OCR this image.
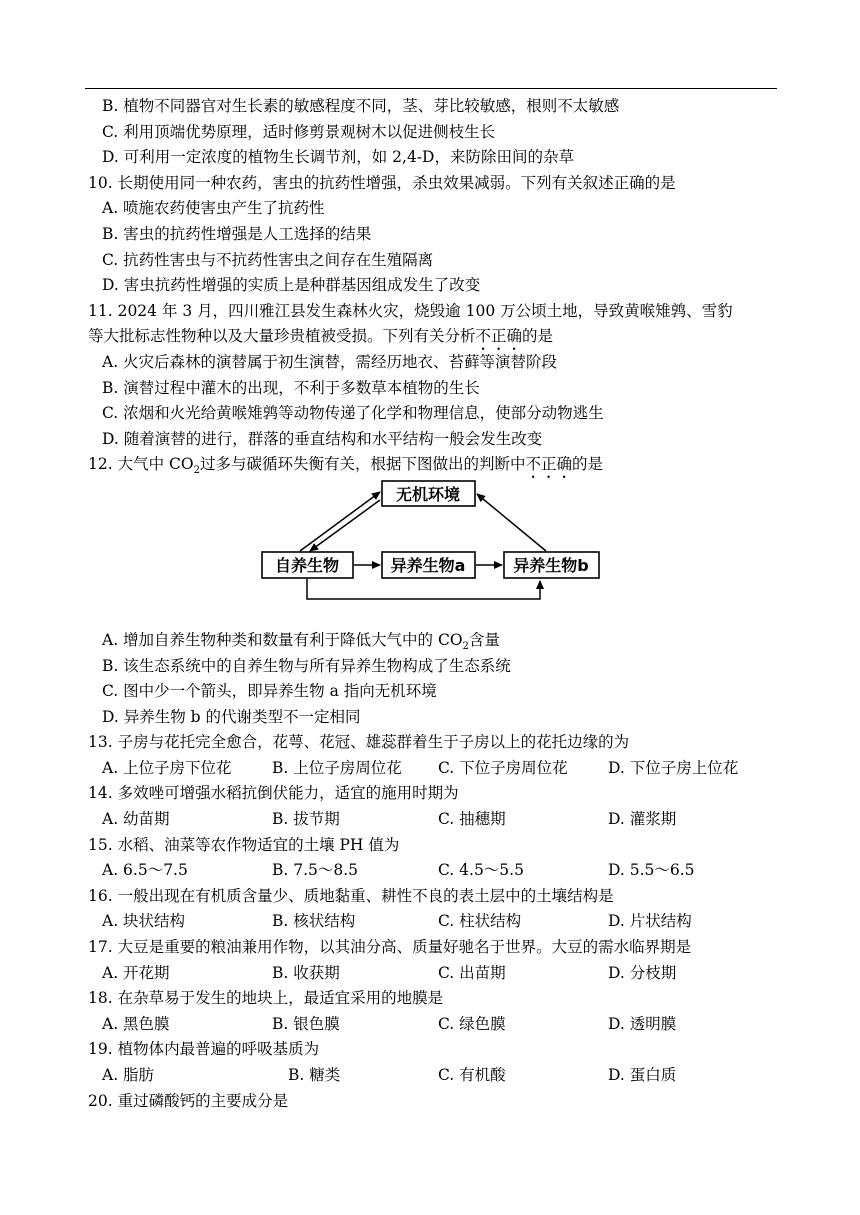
B. 植物不同器官对生长素的敏感程度不同，茎、芽比较敏感，根则不太敏感
C. 利用顶端优势原理，适时修剪景观树木以促进侧枝生长
D. 可利用一定浓度的植物生长调节剂，如 2,4-D，来防除田间的杂草
10. 长期使用同一种农药，害虫的抗药性增强，杀虫效果减弱。下列有关叙述正确的是
A. 喷施农药使害虫产生了抗药性
B. 害虫的抗药性增强是人工选择的结果
C. 抗药性害虫与不抗药性害虫之间存在生殖隔离
D. 害虫抗药性增强的实质上是种群基因组成发生了改变
11. 2024 年 3 月，四川雅江县发生森林火灾，烧毁逾 100 万公顷土地，导致黄喉雉鹑、雪豹
等大批标志性物种以及大量珍贵植被受损。下列有关分析不正确的是
A. 火灾后森林的演替属于初生演替，需经历地衣、苔藓等演替阶段
B. 演替过程中灌木的出现，不利于多数草本植物的生长
C. 浓烟和火光给黄喉雉鹑等动物传递了化学和物理信息，使部分动物逃生
D. 随着演替的进行，群落的垂直结构和水平结构一般会发生改变
12. 大气中 $CO_2$过多与碳循环失衡有关，根据下图做出的判断中不正确的是
无机环境
自养生物	异养生物a	异养生物b
A. 增加自养生物种类和数量有利于降低大气中的 $CO_2$含量
B. 该生态系统中的自养生物与所有异养生物构成了生态系统
C. 图中少一个箭头，即异养生物 a 指向无机环境
D. 异养生物 b 的代谢类型不一定相同
13. 子房与花托完全愈合，花萼、花冠、雄蕊群着生于子房以上的花托边缘的为
A. 上位子房下位花	B. 上位子房周位花	C. 下位子房周位花	D. 下位子房上位花
14. 多效唑可增强水稻抗倒伏能力，适宜的施用时期为
A. 幼苗期	B. 拔节期	C. 抽穗期	D. 灌浆期
15. 水稻、油菜等农作物适宜的土壤 PH 值为
A. 6.5～7.5	B. 7.5～8.5	C. 4.5～5.5	D. 5.5～6.5
16. 一般出现在有机质含量少、质地黏重、耕性不良的表土层中的土壤结构是
A. 块状结构	B. 核状结构	C. 柱状结构	D. 片状结构
17. 大豆是重要的粮油兼用作物，以其油分高、质量好驰名于世界。大豆的需水临界期是
A. 开花期	B. 收获期	C. 出苗期	D. 分枝期
18. 在杂草易于发生的地块上，最适宜采用的地膜是
A. 黑色膜	B. 银色膜	C. 绿色膜	D. 透明膜
19. 植物体内最普遍的呼吸基质为
A. 脂肪	B. 糖类	C. 有机酸	D. 蛋白质
20. 重过磷酸钙的主要成分是
